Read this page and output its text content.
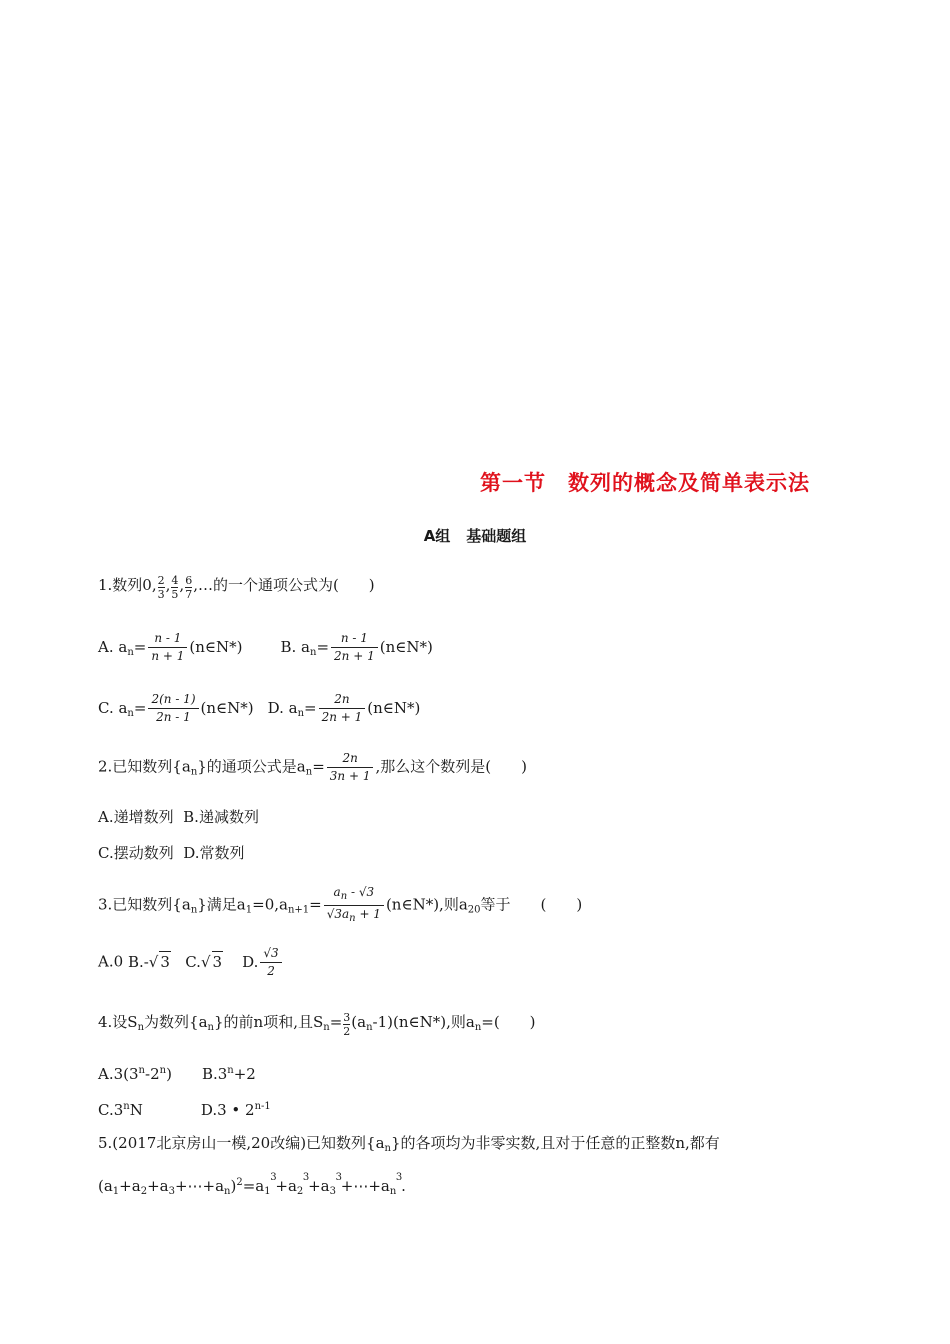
第一节 数列的概念及简单表示法
A组 基础题组
1.数列0, $\frac{2}{3}$, $\frac{4}{5}$, $\frac{6}{7},\dots$的一个通项公式为(　　)
A. $a_n= \frac{n - 1}{n + 1}$ (n∈N*)	B. $a_n= \frac{n - 1}{2n + 1}$ (n∈N*)
C. $a_n= \frac{2(n - 1)}{2n - 1}$ (n∈N*) D. $a_n= \frac{2n}{2n + 1}$ (n∈N*)
2.已知数列$\{a_n\}$的通项公式是$a_n= \frac{2n}{3n + 1}$ ,那么这个数列是(　　)
A.递增数列 B.递减数列
C.摆动数列 D.常数列
3.已知数列$\{a_n\}$满足$a_1=0,a_{n+1}= \frac{a_n - √3}{√3a_n + 1}$ (n∈N*),则$a_{20}$等于 (　　)
A.0 B.-√ 3 C.√ 3 D. $\frac{√3}{2}$
4.设$S_n$为数列$\{a_n\}$的前n项和,且$S_n=$ $\frac{3}{2}(a_n-1)(n\in N*)$,则$a_n=$(　　)
A.3(3$^n$-2$^n$) $B.3^n+2$
C.3$^n$N	D.3 • 2$^{n-1}$
5.(2017北京房山一模,20改编)已知数列$\{a_n\}$的各项均为非零实数,且对于任意的正整数n,都有
$(a_1+a_2+a_3+\cdots+a_n)^2=a_1$
3
$+a_2$
3
$+a_3$
3
$+\cdots+a_n$
3
.
